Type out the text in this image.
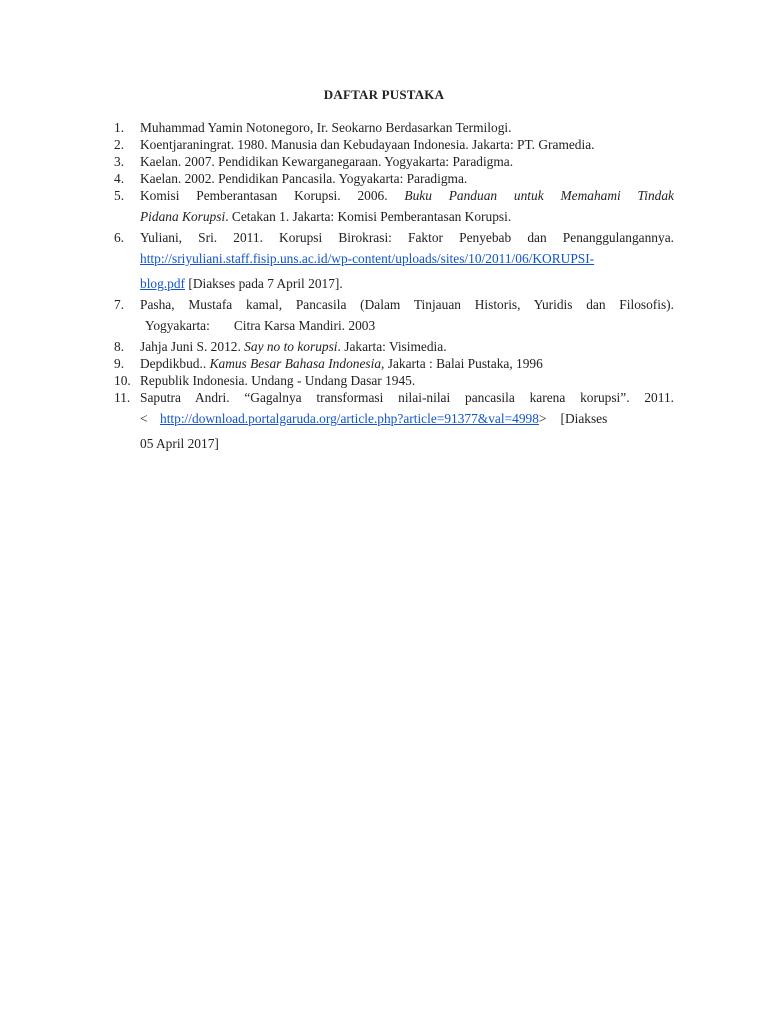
DAFTAR PUSTAKA
1. Muhammad Yamin Notonegoro, Ir. Seokarno Berdasarkan Termilogi.
2. Koentjaraningrat. 1980. Manusia dan Kebudayaan Indonesia. Jakarta: PT. Gramedia.
3. Kaelan. 2007. Pendidikan Kewarganegaraan. Yogyakarta: Paradigma.
4. Kaelan. 2002. Pendidikan Pancasila. Yogyakarta: Paradigma.
5. Komisi Pemberantasan Korupsi. 2006. Buku Panduan untuk Memahami Tindak
Pidana Korupsi. Cetakan 1. Jakarta: Komisi Pemberantasan Korupsi.
6. Yuliani, Sri. 2011. Korupsi Birokrasi: Faktor Penyebab dan Penanggulangannya.
http://sriyuliani.staff.fisip.uns.ac.id/wp-content/uploads/sites/10/2011/06/KORUPSI-
blog.pdf [Diakses pada 7 April 2017].
7. Pasha, Mustafa kamal, Pancasila (Dalam Tinjauan Historis, Yuridis dan Filosofis).
Yogyakarta: Citra Karsa Mandiri. 2003
8. Jahja Juni S. 2012. Say no to korupsi. Jakarta: Visimedia.
9. Depdikbud.. Kamus Besar Bahasa Indonesia, Jakarta : Balai Pustaka, 1996
10. Republik Indonesia. Undang - Undang Dasar 1945.
11. Saputra Andri. “Gagalnya transformasi nilai-nilai pancasila karena korupsi”. 2011.
< http://download.portalgaruda.org/article.php?article=91377&val=4998> [Diakses
05 April 2017]
